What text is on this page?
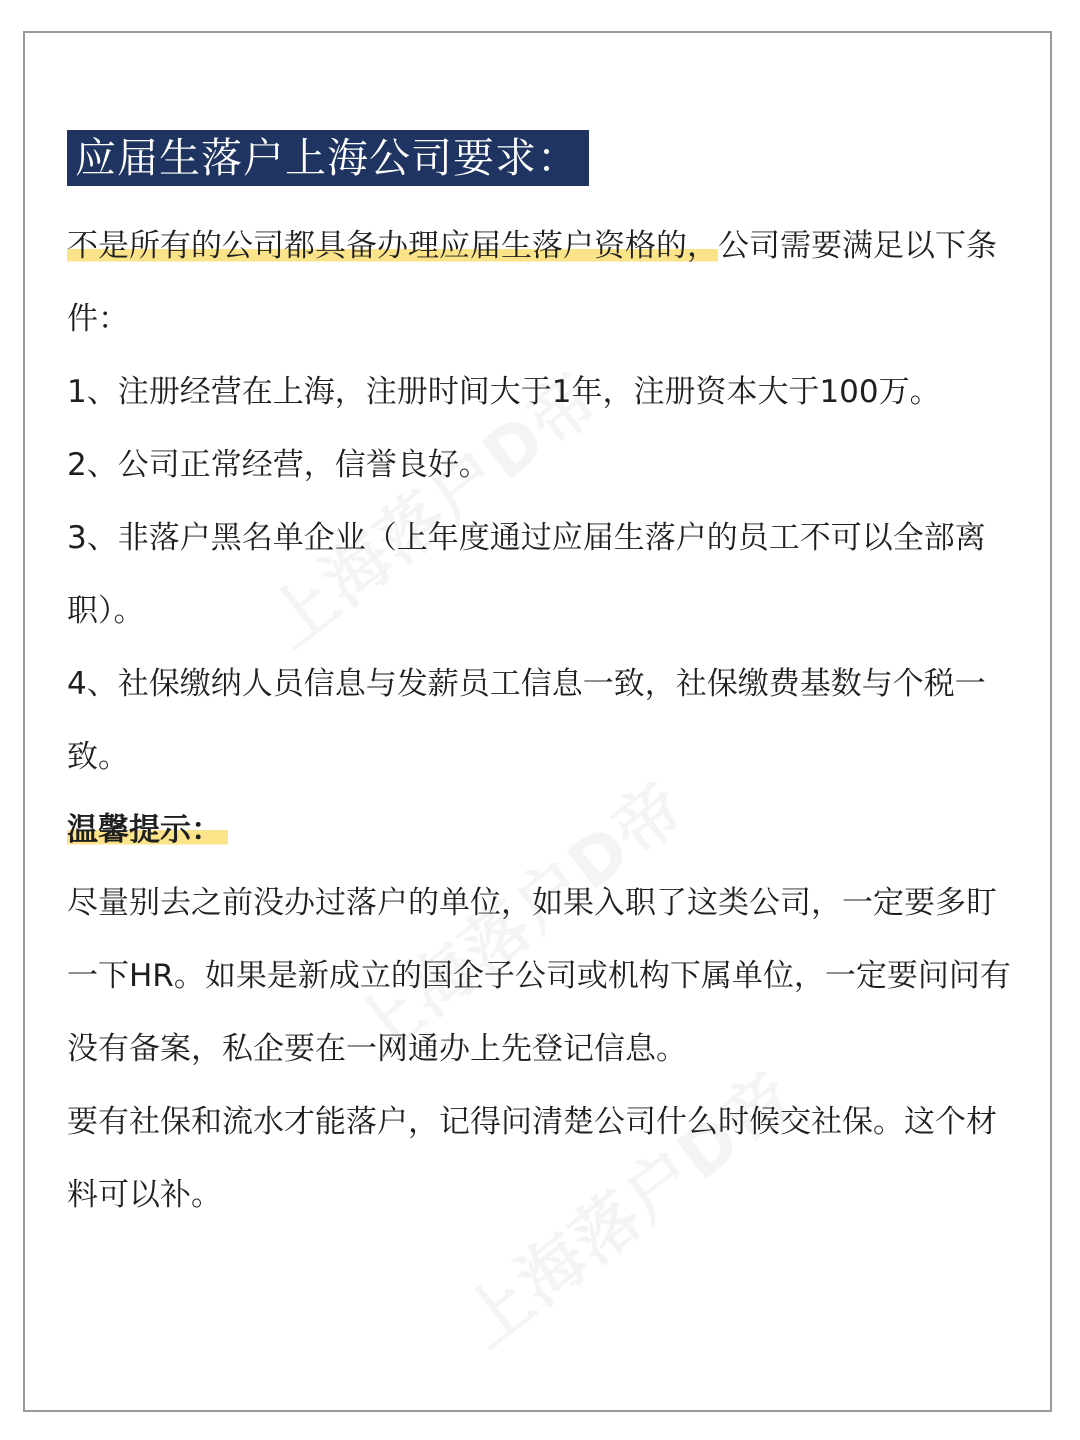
应届生落户上海公司要求：

不是所有的公司都具备办理应届生落户资格的，公司需要满足以下条件：

1、注册经营在上海，注册时间大于1年，注册资本大于100万。

2、公司正常经营，信誉良好。

3、非落户黑名单企业（上年度通过应届生落户的员工不可以全部离职）。

4、社保缴纳人员信息与发薪员工信息一致，社保缴费基数与个税一致。

温馨提示：

尽量别去之前没办过落户的单位，如果入职了这类公司，一定要多盯一下HR。如果是新成立的国企子公司或机构下属单位，一定要问问有没有备案，私企要在一网通办上先登记信息。

要有社保和流水才能落户，记得问清楚公司什么时候交社保。这个材料可以补。
